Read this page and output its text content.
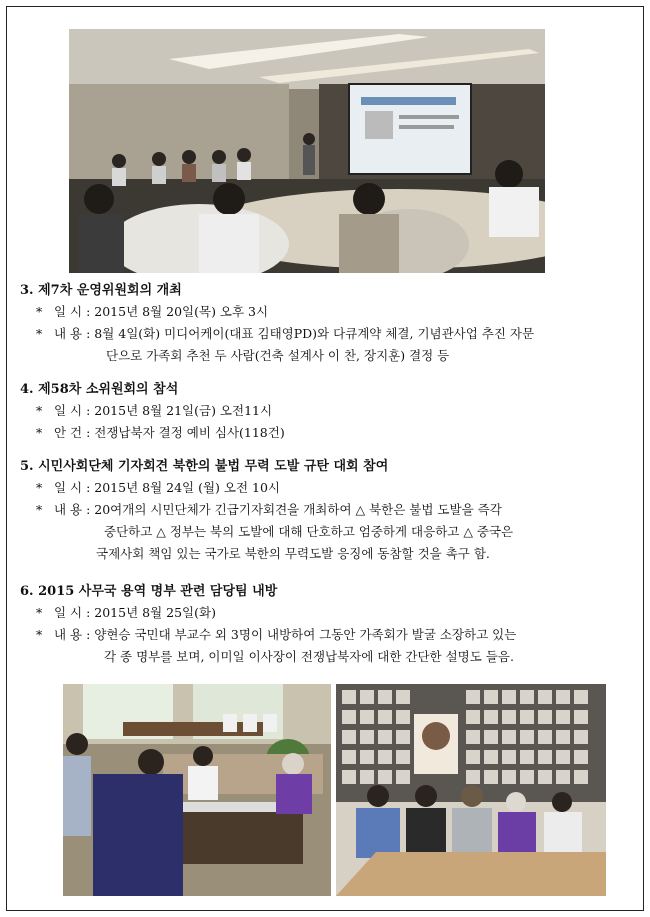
3. 제7차 운영위원회의 개최
* 일 시 : 2015년 8월 20일(목) 오후 3시
* 내 용 : 8월 4일(화) 미디어케이(대표 김태영PD)와 다큐계약 체결, 기념관사업 추진 자문
단으로 가족회 추천 두 사람(건축 설계사 이 찬, 장지훈) 결정 등
4. 제58차 소위원회의 참석
* 일 시 : 2015년 8월 21일(금) 오전11시
* 안 건 : 전쟁납북자 결정 예비 심사(118건)
5. 시민사회단체 기자회견 북한의 불법 무력 도발 규탄 대회 참여
* 일 시 : 2015년 8월 24일 (월) 오전 10시
* 내 용 : 20여개의 시민단체가 긴급기자회견을 개최하여 △ 북한은 불법 도발을 즉각
중단하고 △ 정부는 북의 도발에 대해 단호하고 엄중하게 대응하고 △ 중국은
국제사회 책임 있는 국가로 북한의 무력도발 응징에 동참할 것을 촉구 함.
6. 2015 사무국 용역 명부 관련 담당팀 내방
* 일 시 : 2015년 8월 25일(화)
* 내 용 : 양현승 국민대 부교수 외 3명이 내방하여 그동안 가족회가 발굴 소장하고 있는
각 종 명부를 보며, 이미일 이사장이 전쟁납북자에 대한 간단한 설명도 들음.
